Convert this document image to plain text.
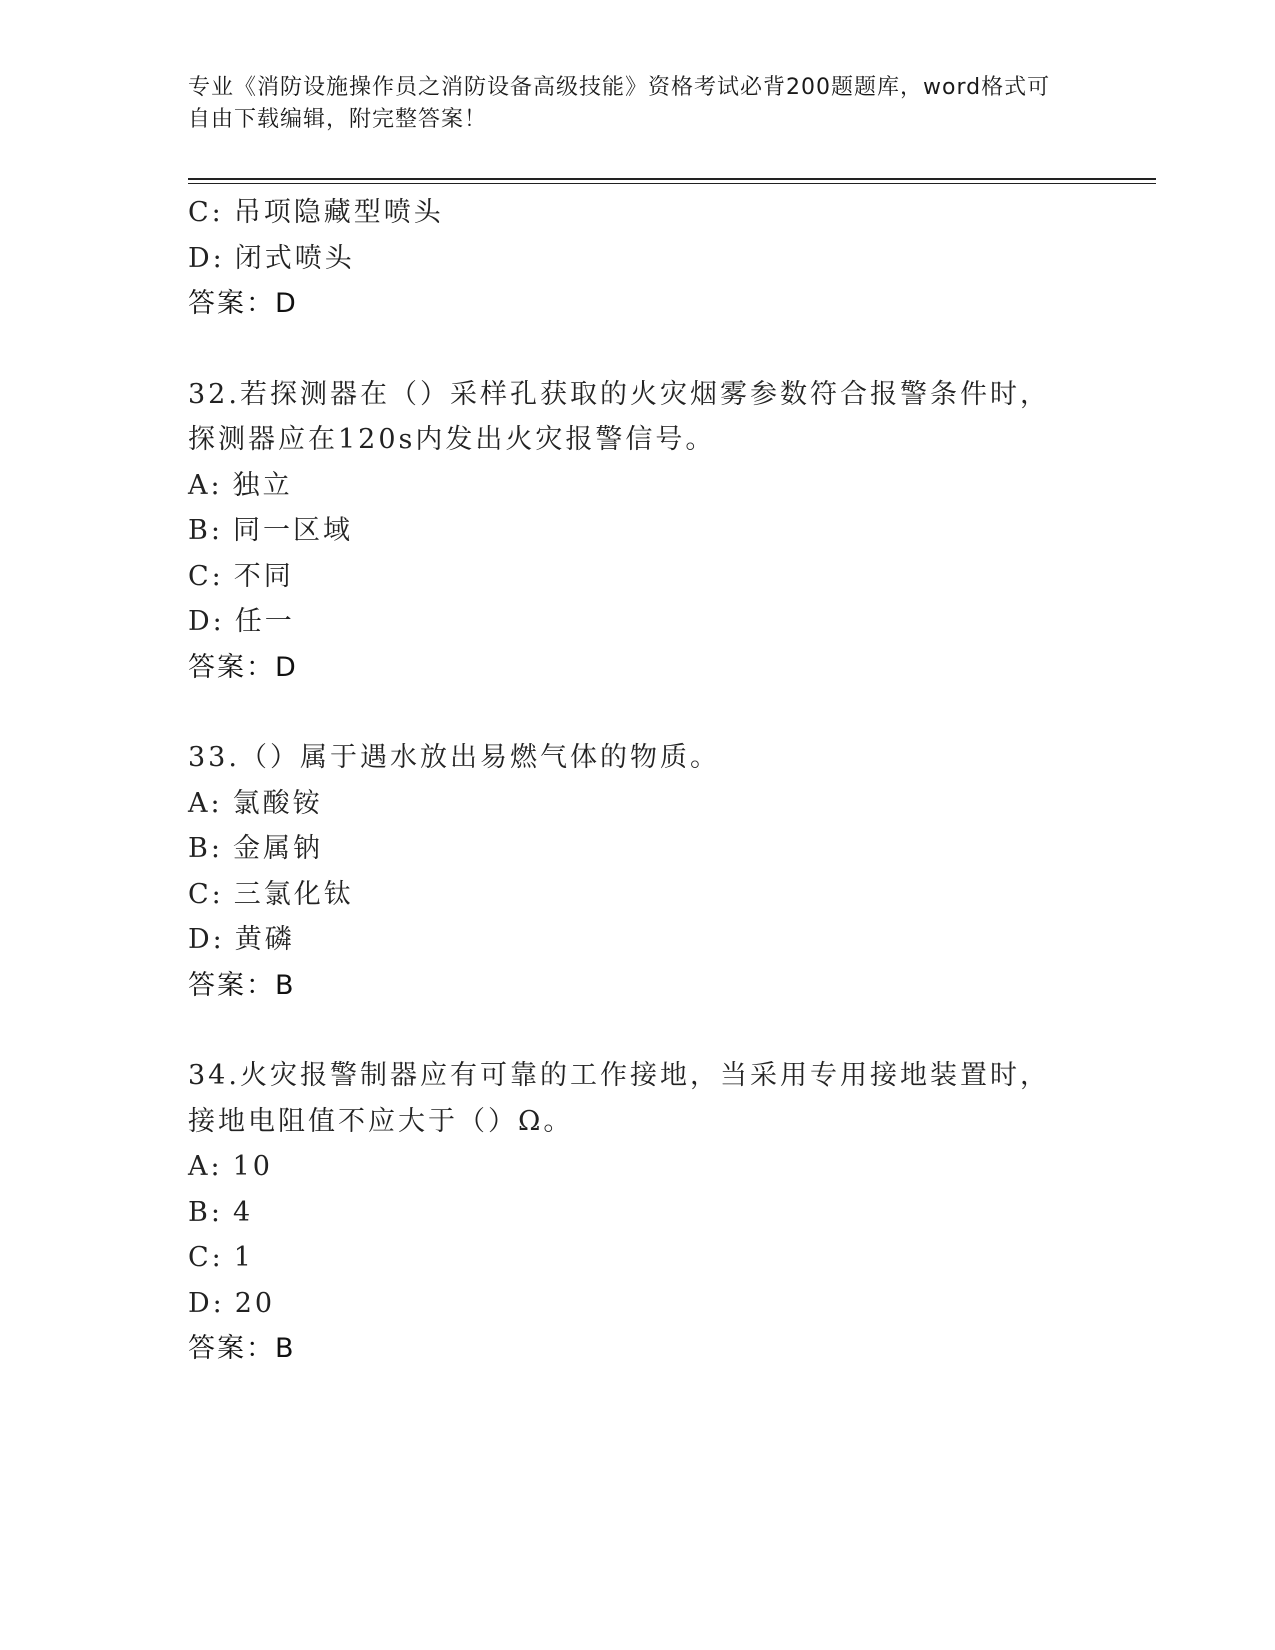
专业《消防设施操作员之消防设备高级技能》资格考试必背200题题库，word格式可自由下载编辑，附完整答案！
C: 吊项隐藏型喷头
D: 闭式喷头
答案：D
32.若探测器在（）采样孔获取的火灾烟雾参数符合报警条件时，探测器应在120s内发出火灾报警信号。
A: 独立
B: 同一区域
C: 不同
D: 任一
答案：D
33.（）属于遇水放出易燃气体的物质。
A: 氯酸铵
B: 金属钠
C: 三氯化钛
D: 黄磷
答案：B
34.火灾报警制器应有可靠的工作接地，当采用专用接地装置时，接地电阻值不应大于（）Ω。
A: 10
B: 4
C: 1
D: 20
答案：B
